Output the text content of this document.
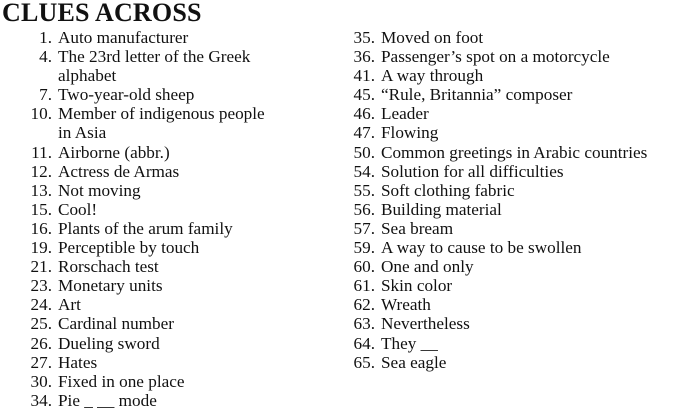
CLUES ACROSS
1. Auto manufacturer
4. The 23rd letter of the Greek alphabet
7. Two-year-old sheep
10. Member of indigenous people in Asia
11. Airborne (abbr.)
12. Actress de Armas
13. Not moving
15. Cool!
16. Plants of the arum family
19. Perceptible by touch
21. Rorschach test
23. Monetary units
24. Art
25. Cardinal number
26. Dueling sword
27. Hates
30. Fixed in one place
34. Pie _ __ mode
35. Moved on foot
36. Passenger’s spot on a motorcycle
41. A way through
45. “Rule, Britannia” composer
46. Leader
47. Flowing
50. Common greetings in Arabic countries
54. Solution for all difficulties
55. Soft clothing fabric
56. Building material
57. Sea bream
59. A way to cause to be swollen
60. One and only
61. Skin color
62. Wreath
63. Nevertheless
64. They __
65. Sea eagle
